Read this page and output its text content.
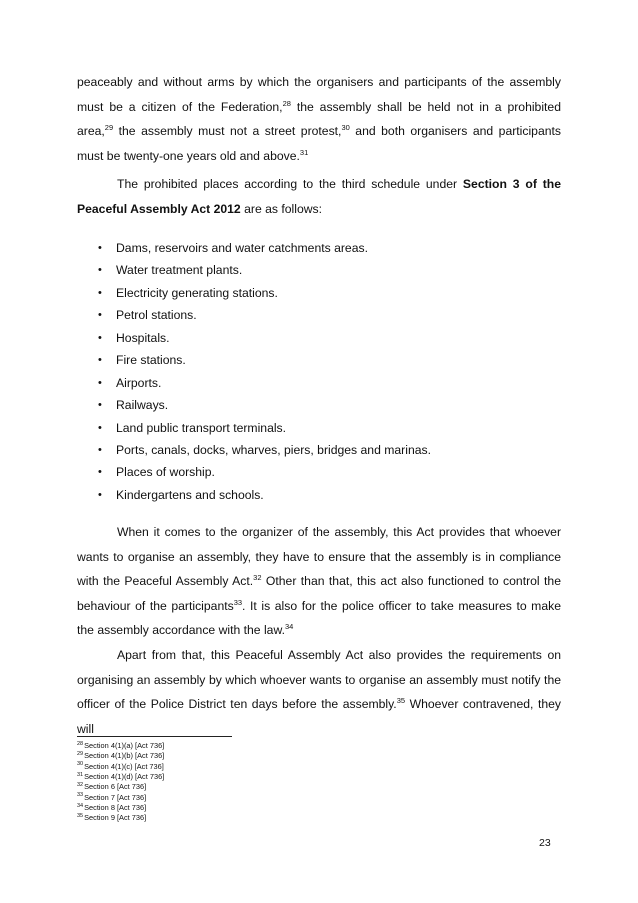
peaceably and without arms by which the organisers and participants of the assembly must be a citizen of the Federation,$^{28}$ the assembly shall be held not in a prohibited area,$^{29}$ the assembly must not a street protest,$^{30}$ and both organisers and participants must be twenty-one years old and above.$^{31}$

The prohibited places according to the third schedule under Section 3 of the Peaceful Assembly Act 2012 are as follows:

• Dams, reservoirs and water catchments areas.
• Water treatment plants.
• Electricity generating stations.
• Petrol stations.
• Hospitals.
• Fire stations.
• Airports.
• Railways.
• Land public transport terminals.
• Ports, canals, docks, wharves, piers, bridges and marinas.
• Places of worship.
• Kindergartens and schools.

When it comes to the organizer of the assembly, this Act provides that whoever wants to organise an assembly, they have to ensure that the assembly is in compliance with the Peaceful Assembly Act.$^{32}$ Other than that, this act also functioned to control the behaviour of the participants$^{33}$. It is also for the police officer to take measures to make the assembly accordance with the law.$^{34}$

Apart from that, this Peaceful Assembly Act also provides the requirements on organising an assembly by which whoever wants to organise an assembly must notify the officer of the Police District ten days before the assembly.$^{35}$ Whoever contravened, they will

$^{28}$Section 4(1)(a) [Act 736]
$^{29}$Section 4(1)(b) [Act 736]
$^{30}$Section 4(1)(c) [Act 736]
$^{31}$Section 4(1)(d) [Act 736]
$^{32}$Section 6 [Act 736]
$^{33}$Section 7 [Act 736]
$^{34}$Section 8 [Act 736]
$^{35}$Section 9 [Act 736]
23
